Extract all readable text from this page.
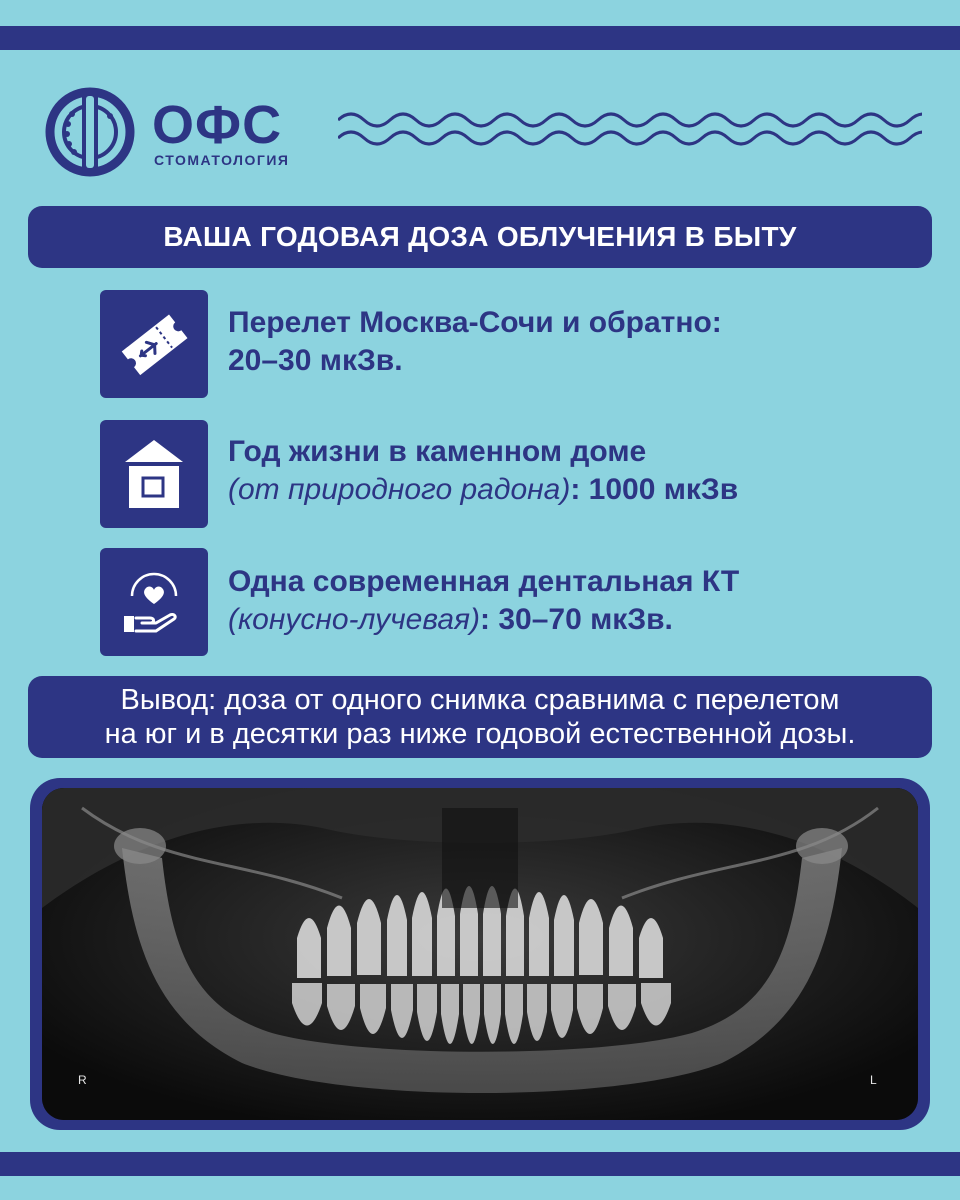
ОФС
СТОМАТОЛОГИЯ
ВАША ГОДОВАЯ ДОЗА ОБЛУЧЕНИЯ В БЫТУ
Перелет Москва-Сочи и обратно:
20–30 мкЗв.
Год жизни в каменном доме
(от природного радона): 1000 мкЗв
Одна современная дентальная КТ
(конусно-лучевая): 30–70 мкЗв.
Вывод: доза от одного снимка сравнима с перелетом
на юг и в десятки раз ниже годовой естественной дозы.
R	L
